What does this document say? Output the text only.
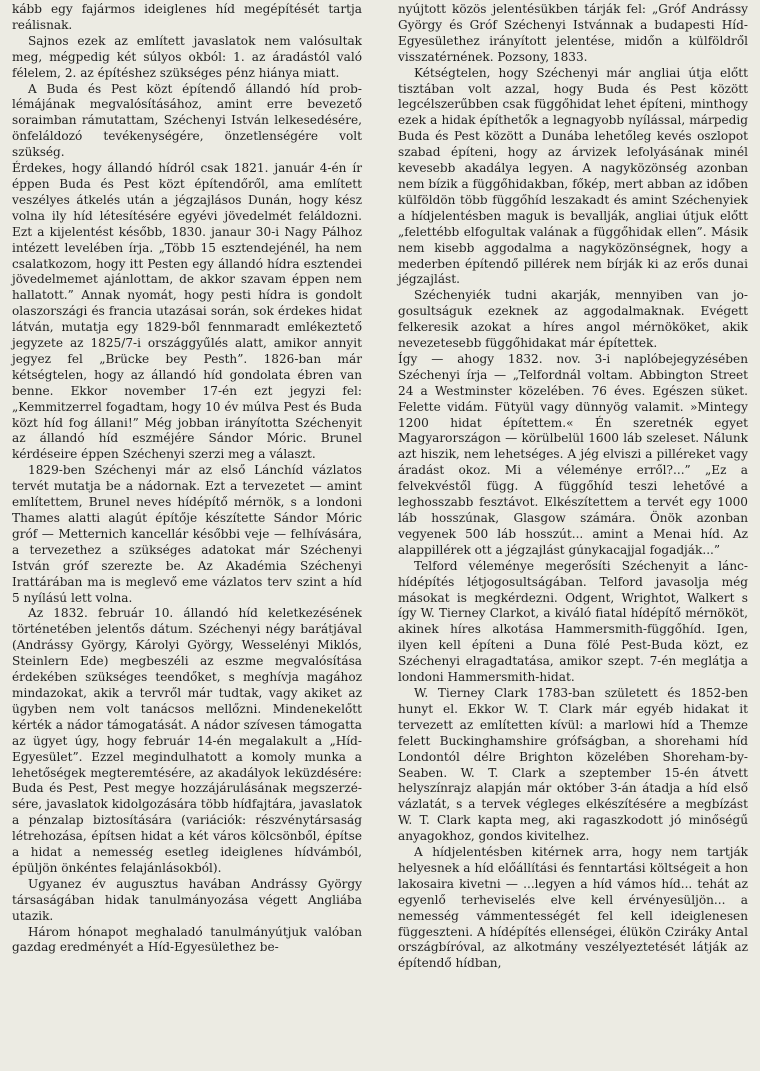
kább egy fajármos ideiglenes híd megépítését tartja reálisnak.

Sajnos ezek az említett javaslatok nem valósultak meg, mégpedig két súlyos okból: 1. az áradástól való félelem, 2. az építéshez szükséges pénz hiánya miatt.

A Buda és Pest közt építendő állandó híd problémájának megvalósításához, amint erre bevezető soraimban rámutattam, Széchenyi István lelkesedésére, önfeláldozó tevékenységére, önzetlenségére volt szükség.

Érdekes, hogy állandó hídról csak 1821. január 4-én ír éppen Buda és Pest közt építendőről, ama említett veszélyes átkelés után a jégzajlásos Dunán, hogy kész volna ily híd létesítésére egyévi jövedelmét feláldozni. Ezt a kijelentést később, 1830. janaur 30-i Nagy Pálhoz intézett levelében írja. „Több 15 esztendejénél, ha nem csalatkozom, hogy itt Pesten egy állandó hídra esztendei jövedelmemet ajánlottam, de akkor szavam éppen nem hallatott.” Annak nyomát, hogy pesti hídra is gondolt olaszországi és francia utazásai során, sok érdekes hidat látván, mutatja egy 1829-ből fennmaradt emlékeztető jegyzete az 1825/7-i országgyűlés alatt, amikor annyit jegyez fel „Brücke bey Pesth”. 1826-ban már kétségtelen, hogy az állandó híd gondolata ébren van benne. Ekkor november 17-én ezt jegyzi fel: „Kemmitzerrel fogadtam, hogy 10 év múlva Pest és Buda közt híd fog állani!” Még jobban irányította Széchenyit az állandó híd eszméjére Sándor Móric. Brunel kérdéseire éppen Széchenyi szerzi meg a választ.

1829-ben Széchenyi már az első Lánchíd vázlatos tervét mutatja be a nádornak. Ezt a tervezetet — amint említettem, Brunel neves hídépítő mérnök, s a londoni Thames alatti alagút építője készítette Sándor Móric gróf — Metternich kancellár későbbi veje — felhívására, a tervezethez a szükséges adatokat már Széchenyi István gróf szerezte be. Az Akadémia Széchenyi Irattárában ma is meglevő eme vázlatos terv szint a híd 5 nyílású lett volna.

Az 1832. február 10. állandó híd keletkezésének történetében jelentős dátum. Széchenyi négy barátjával (Andrássy György, Károlyi György, Wesselényi Miklós, Steinlern Ede) megbeszéli az eszme megvalósítása érdekében szükséges teendőket, s meghívja magához mindazokat, akik a tervről már tudtak, vagy akiket az ügyben nem volt tanácsos mellőzni. Mindenekelőtt kérték a nádor támogatását. A nádor szívesen támogatta az ügyet úgy, hogy február 14-én megalakult a „Híd-Egyesület”. Ezzel megindulhatott a komoly munka a lehetőségek megteremtésére, az akadályok leküzdésére: Buda és Pest, Pest megye hozzájárulásának megszerzésére, javaslatok kidolgozására több hídfajtára, javaslatok a pénzalap biztosítására (variációk: részvénytársaság létrehozása, építsen hidat a két város kölcsönből, építse a hidat a nemesség esetleg ideiglenes hídvámból, épüljön önkéntes felajánlásokból).

Ugyanez év augusztus havában Andrássy György társaságában hidak tanulmányozása végett Angliába utazik.

Három hónapot meghaladó tanulmányútjuk valóban gazdag eredményét a Híd-Egyesülethez be-

nyújtott közös jelentésükben tárják fel: „Gróf Andrássy György és Gróf Széchenyi Istvánnak a budapesti Híd-Egyesülethez irányított jelentése, midőn a külföldről visszatérnének. Pozsony, 1833.

Kétségtelen, hogy Széchenyi már angliai útja előtt tisztában volt azzal, hogy Buda és Pest között legcélszerűbben csak függőhidat lehet építeni, minthogy ezek a hidak építhetők a legnagyobb nyílással, márpedig Buda és Pest között a Dunába lehetőleg kevés oszlopot szabad építeni, hogy az árvizek lefolyásának minél kevesebb akadálya legyen. A nagyközönség azonban nem bízik a függőhidakban, főkép, mert abban az időben külföldön több függőhíd leszakadt és amint Széchenyiek a hídjelentésben maguk is bevallják, angliai útjuk előtt „felettébb elfogultak valának a függőhidak ellen”. Másik nem kisebb aggodalma a nagyközönségnek, hogy a mederben építendő pillérek nem bírják ki az erős dunai jégzajlást.

Széchenyiék tudni akarják, mennyiben van jogosultságuk ezeknek az aggodalmaknak. Evégett felkeresik azokat a híres angol mérnököket, akik nevezetesebb függőhidakat már építettek.

Így — ahogy 1832. nov. 3-i naplóbejegyzésében Széchenyi írja — „Telfordnál voltam. Abbington Street 24 a Westminster közelében. 76 éves. Egészen süket. Felette vidám. Fütyül vagy dünnyög valamit. »Mintegy 1200 hidat építettem.« Én szeretnék egyet Magyarországon — körülbelül 1600 láb szeleset. Nálunk azt hiszik, nem lehetséges. A jég elviszi a pilléreket vagy áradást okoz. Mi a véleménye erről?...” „Ez a felvekvéstől függ. A függőhíd teszi lehetővé a leghosszabb fesztávot. Elkészítettem a tervét egy 1000 láb hosszúnak, Glasgow számára. Önök azonban vegyenek 500 láb hosszút... amint a Menai híd. Az alappillérek ott a jégzajlást gúnykacajjal fogadják...”

Telford véleménye megerősíti Széchenyit a lánchídépítés létjogosultságában. Telford javasolja még másokat is megkérdezni. Odgent, Wrightot, Walkert s így W. Tierney Clarkot, a kiváló fiatal hídépítő mérnököt, akinek híres alkotása Hammersmith-függőhíd. Igen, ilyen kell építeni a Duna fölé Pest-Buda közt, ez Széchenyi elragadtatása, amikor szept. 7-én meglátja a londoni Hammersmith-hidat.

W. Tierney Clark 1783-ban született és 1852-ben hunyt el. Ekkor W. T. Clark már egyéb hidakat it tervezett az említetten kívül: a marlowi híd a Themze felett Buckinghamshire grófságban, a shorehami híd Londontól délre Brighton közelében Shoreham-by-Seaben. W. T. Clark a szeptember 15-én átvett helyszínrajz alapján már október 3-án átadja a híd első vázlatát, s a tervek végleges elkészítésére a megbízást W. T. Clark kapta meg, aki ragaszkodott jó minőségű anyagokhoz, gondos kivitelhez.

A hídjelentésben kitérnek arra, hogy nem tartják helyesnek a híd előállítási és fenntartási költségeit a hon lakosaira kivetni — ...legyen a híd vámos híd... tehát az egyenlő terheviselés elve kell érvényesüljön... a nemesség vámmentességét fel kell ideiglenesen függeszteni. A hídépítés ellenségei, élükön Cziráky Antal országbíróval, az alkotmány veszélyeztetését látják az építendő hídban,
